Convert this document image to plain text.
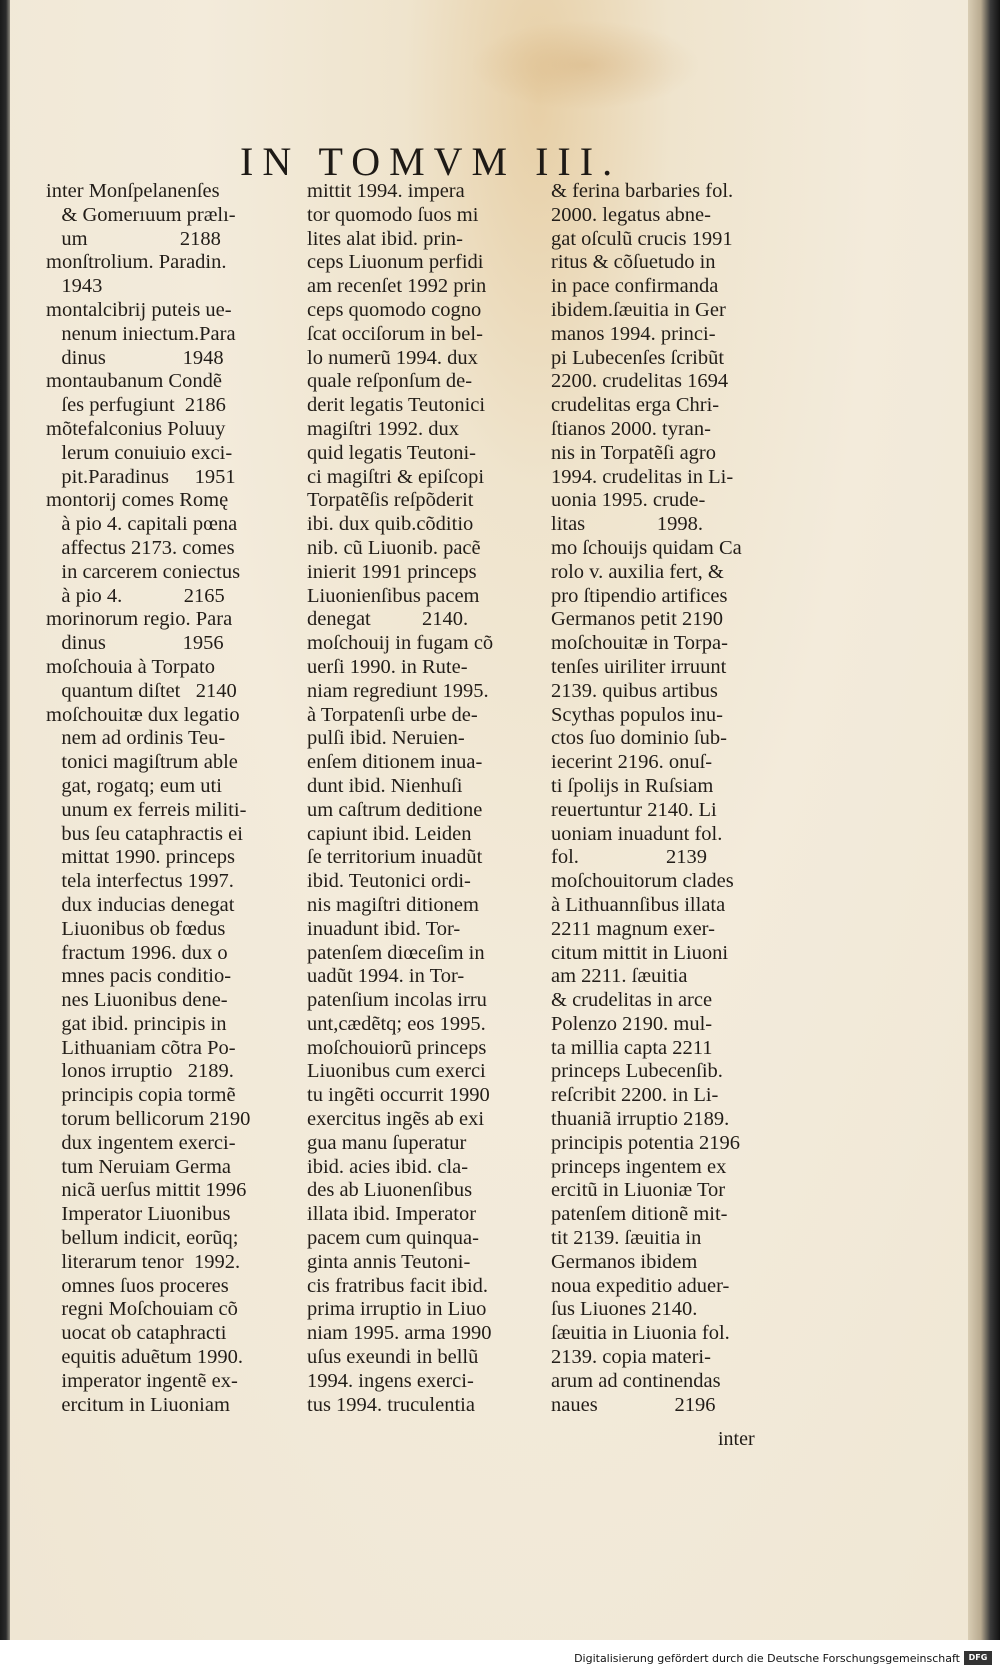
IN TOMVM III.
inter Monſpelanenſes
& Gomerıuum prælı-
um                  2188
monſtrolium. Paradin.
1943
montalcibrij puteis ue-
nenum iniectum.Para
dinus               1948
montaubanum Condẽ
ſes perfugiunt  2186
mõtefalconius Poluuy
lerum conuiuio exci-
pit.Paradinus     1951
montorij comes Romę
à pio 4. capitali pœna
affectus 2173. comes
in carcerem coniectus
à pio 4.            2165
morinorum regio. Para
dinus               1956
moſchouia à Torpato
quantum diſtet   2140
moſchouitæ dux legatio
nem ad ordinis Teu-
tonici magiſtrum able
gat, rogatq; eum uti
unum ex ferreis militi-
bus ſeu cataphractis ei
mittat 1990. princeps
tela interfectus 1997.
dux inducias denegat
Liuonibus ob fœdus
fractum 1996. dux o
mnes pacis conditio-
nes Liuonibus dene-
gat ibid. principis in
Lithuaniam cõtra Po-
lonos irruptio   2189.
principis copia tormẽ
torum bellicorum 2190
dux ingentem exerci-
tum Neruiam Germa
nicã uerſus mittit 1996
Imperator Liuonibus
bellum indicit, eorũq;
literarum tenor  1992.
omnes ſuos proceres
regni Moſchouiam cõ
uocat ob cataphracti
equitis aduẽtum 1990.
imperator ingentẽ ex-
ercitum in Liuoniam
mittit 1994. impera
tor quomodo ſuos mi
lites alat ibid. prin-
ceps Liuonum perfidi
am recenſet 1992 prin
ceps quomodo cogno
ſcat occiſorum in bel-
lo numerũ 1994. dux
quale reſponſum de-
derit legatis Teutonici
magiſtri 1992. dux
quid legatis Teutoni-
ci magiſtri & epiſcopi
Torpatẽſis reſpõderit
ibi. dux quib.cõditio
nib. cũ Liuonib. pacẽ
inierit 1991 princeps
Liuonienſibus pacem
denegat          2140.
moſchouij in fugam cõ
uerſi 1990. in Rute-
niam regrediunt 1995.
à Torpatenſi urbe de-
pulſi ibid. Neruien-
enſem ditionem inua-
dunt ibid. Nienhuſi
um caſtrum deditione
capiunt ibid. Leiden
ſe territorium inuadũt
ibid. Teutonici ordi-
nis magiſtri ditionem
inuadunt ibid. Tor-
patenſem diœceſim in
uadũt 1994. in Tor-
patenſium incolas irru
unt,cædẽtq; eos 1995.
moſchouiorũ princeps
Liuonibus cum exerci
tu ingẽti occurrit 1990
exercitus ingẽs ab exi
gua manu ſuperatur
ibid. acies ibid. cla-
des ab Liuonenſibus
illata ibid. Imperator
pacem cum quinqua-
ginta annis Teutoni-
cis fratribus facit ibid.
prima irruptio in Liuo
niam 1995. arma 1990
uſus exeundi in bellũ
1994. ingens exerci-
tus 1994. truculentia
& ferina barbaries fol.
2000. legatus abne-
gat oſculũ crucis 1991
ritus & cõſuetudo in
in pace confirmanda
ibidem.ſæuitia in Ger
manos 1994. princi-
pi Lubecenſes ſcribũt
2200. crudelitas 1694
crudelitas erga Chri-
ſtianos 2000. tyran-
nis in Torpatẽſi agro
1994. crudelitas in Li-
uonia 1995. crude-
litas              1998.
mo ſchouijs quidam Ca
rolo v. auxilia fert, &
pro ſtipendio artifices
Germanos petit 2190
moſchouitæ in Torpa-
tenſes uiriliter irruunt
2139. quibus artibus
Scythas populos inu-
ctos ſuo dominio ſub-
iecerint 2196. onuſ-
ti ſpolijs in Ruſsiam
reuertuntur 2140. Li
uoniam inuadunt fol.
fol.                 2139
moſchouitorum clades
à Lithuannſibus illata
2211 magnum exer-
citum mittit in Liuoni
am 2211. ſæuitia
& crudelitas in arce
Polenzo 2190. mul-
ta millia capta 2211
princeps Lubecenſib.
reſcribit 2200. in Li-
thuaniã irruptio 2189.
principis potentia 2196
princeps ingentem ex
ercitũ in Liuoniæ Tor
patenſem ditionẽ mit-
tit 2139. ſæuitia in
Germanos ibidem
noua expeditio aduer-
ſus Liuones 2140.
ſæuitia in Liuonia fol.
2139. copia materi-
arum ad continendas
naues               2196
inter
Digitalisierung gefördert durch die Deutsche Forschungsgemeinschaft	DFG
